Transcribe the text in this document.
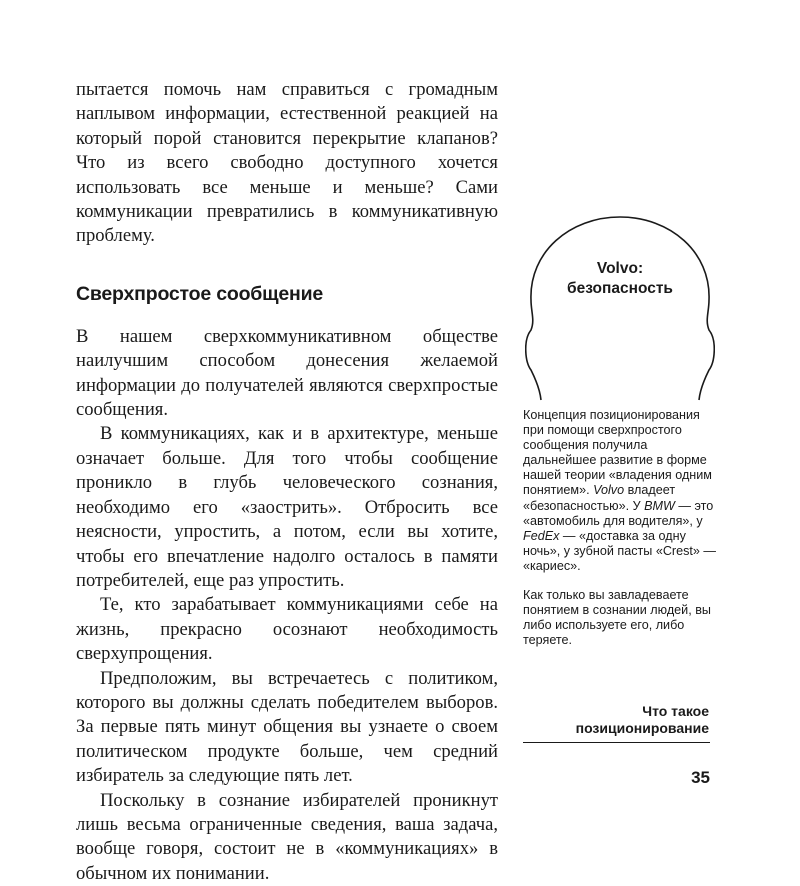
пытается помочь нам справиться с громадным наплывом информации, естественной реакцией на который порой становится перекрытие клапанов? Что из всего свободно доступного хочется использовать все меньше и меньше? Сами коммуникации превратились в коммуникативную проблему.

Сверхпростое сообщение

В нашем сверхкоммуникативном обществе наилучшим способом донесения желаемой информации до получателей являются сверхпростые сообщения.

В коммуникациях, как и в архитектуре, меньше означает больше. Для того чтобы сообщение проникло в глубь человеческого сознания, необходимо его «заострить». Отбросить все неясности, упростить, а потом, если вы хотите, чтобы его впечатление надолго осталось в памяти потребителей, еще раз упростить.

Те, кто зарабатывает коммуникациями себе на жизнь, прекрасно осознают необходимость сверхупрощения.

Предположим, вы встречаетесь с политиком, которого вы должны сделать победителем выборов. За первые пять минут общения вы узнаете о своем политическом продукте больше, чем средний избиратель за следующие пять лет.

Поскольку в сознание избирателей проникнут лишь весьма ограниченные сведения, ваша задача, вообще говоря, состоит не в «коммуникациях» в обычном их понимании.

Volvo:
безопасность

Концепция позиционирования при помощи сверхпростого сообщения получила дальнейшее развитие в форме нашей теории «владения одним понятием». Volvo владеет «безопасностью». У BMW — это «автомобиль для водителя», у FedEx — «доставка за одну ночь», у зубной пасты «Crest» — «кариес».

Как только вы завладеваете понятием в сознании людей, вы либо используете его, либо теряете.

Что такое
позиционирование
35
